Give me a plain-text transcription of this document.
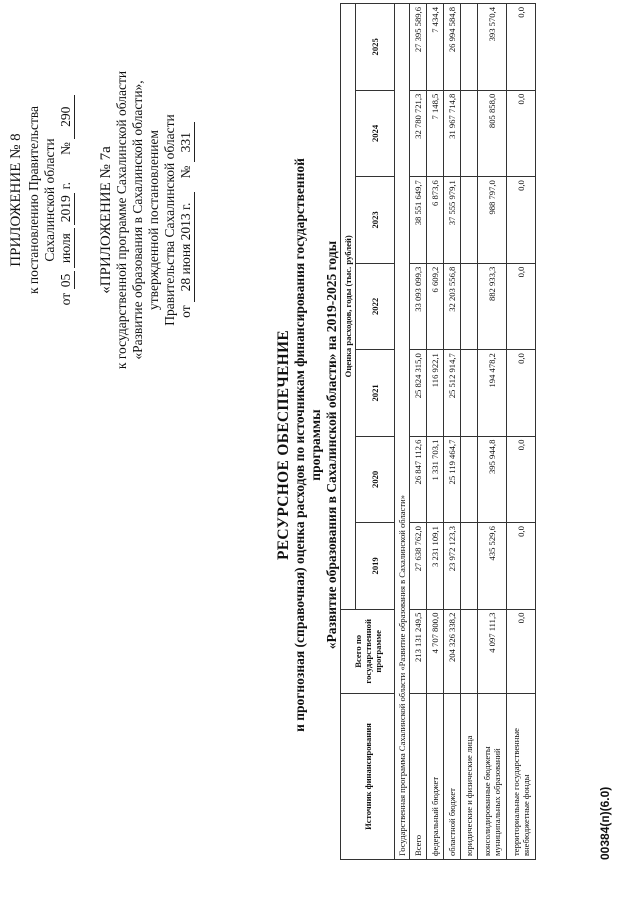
ПРИЛОЖЕНИЕ № 8 к постановлению Правительства Сахалинской области
от 05 июля 2019 г.        № 290
«ПРИЛОЖЕНИЕ № 7а к государственной программе Сахалинской области «Развитие образования в Сахалинской области», утвержденной постановлением Правительства Сахалинской области от 28 июня 2013 г.    № 331
РЕСУРСНОЕ ОБЕСПЕЧЕНИЕ и прогнозная (справочная) оценка расходов по источникам финансирования государственной программы «Развитие образования в Сахалинской области» на 2019-2025 годы
Источник финансирования	Всего по государственной программе	Оценка расходов, годы (тыс. рублей)						
		2019	2020	2021	2022	2023	2024	2025
Государственная программа Сахалинской области «Развитие образования в Сахалинской области»								
Всего	213 131 249,5	27 638 762,0	26 847 112,6	25 824 315,0	33 093 099,3	38 551 649,7	32 780 721,3	27 395 589,6
федеральный бюджет	4 707 800,0	3 231 109,1	1 331 703,1	116 922,1	6 609,2	6 873,6	7 148,5	7 434,4
областной бюджет	204 326 338,2	23 972 123,3	25 119 464,7	25 512 914,7	32 203 556,8	37 555 979,1	31 967 714,8	26 994 584,8
юридические и физические лица								
консолидированные бюджеты муниципальных образований	4 097 111,3	435 529,6	395 944,8	194 478,2	882 933,3	988 797,0	805 858,0	393 570,4
территориальные государственные внебюджетные фонды	0,0	0,0	0,0	0,0	0,0	0,0	0,0	0,0
00384(п)(6.0)
